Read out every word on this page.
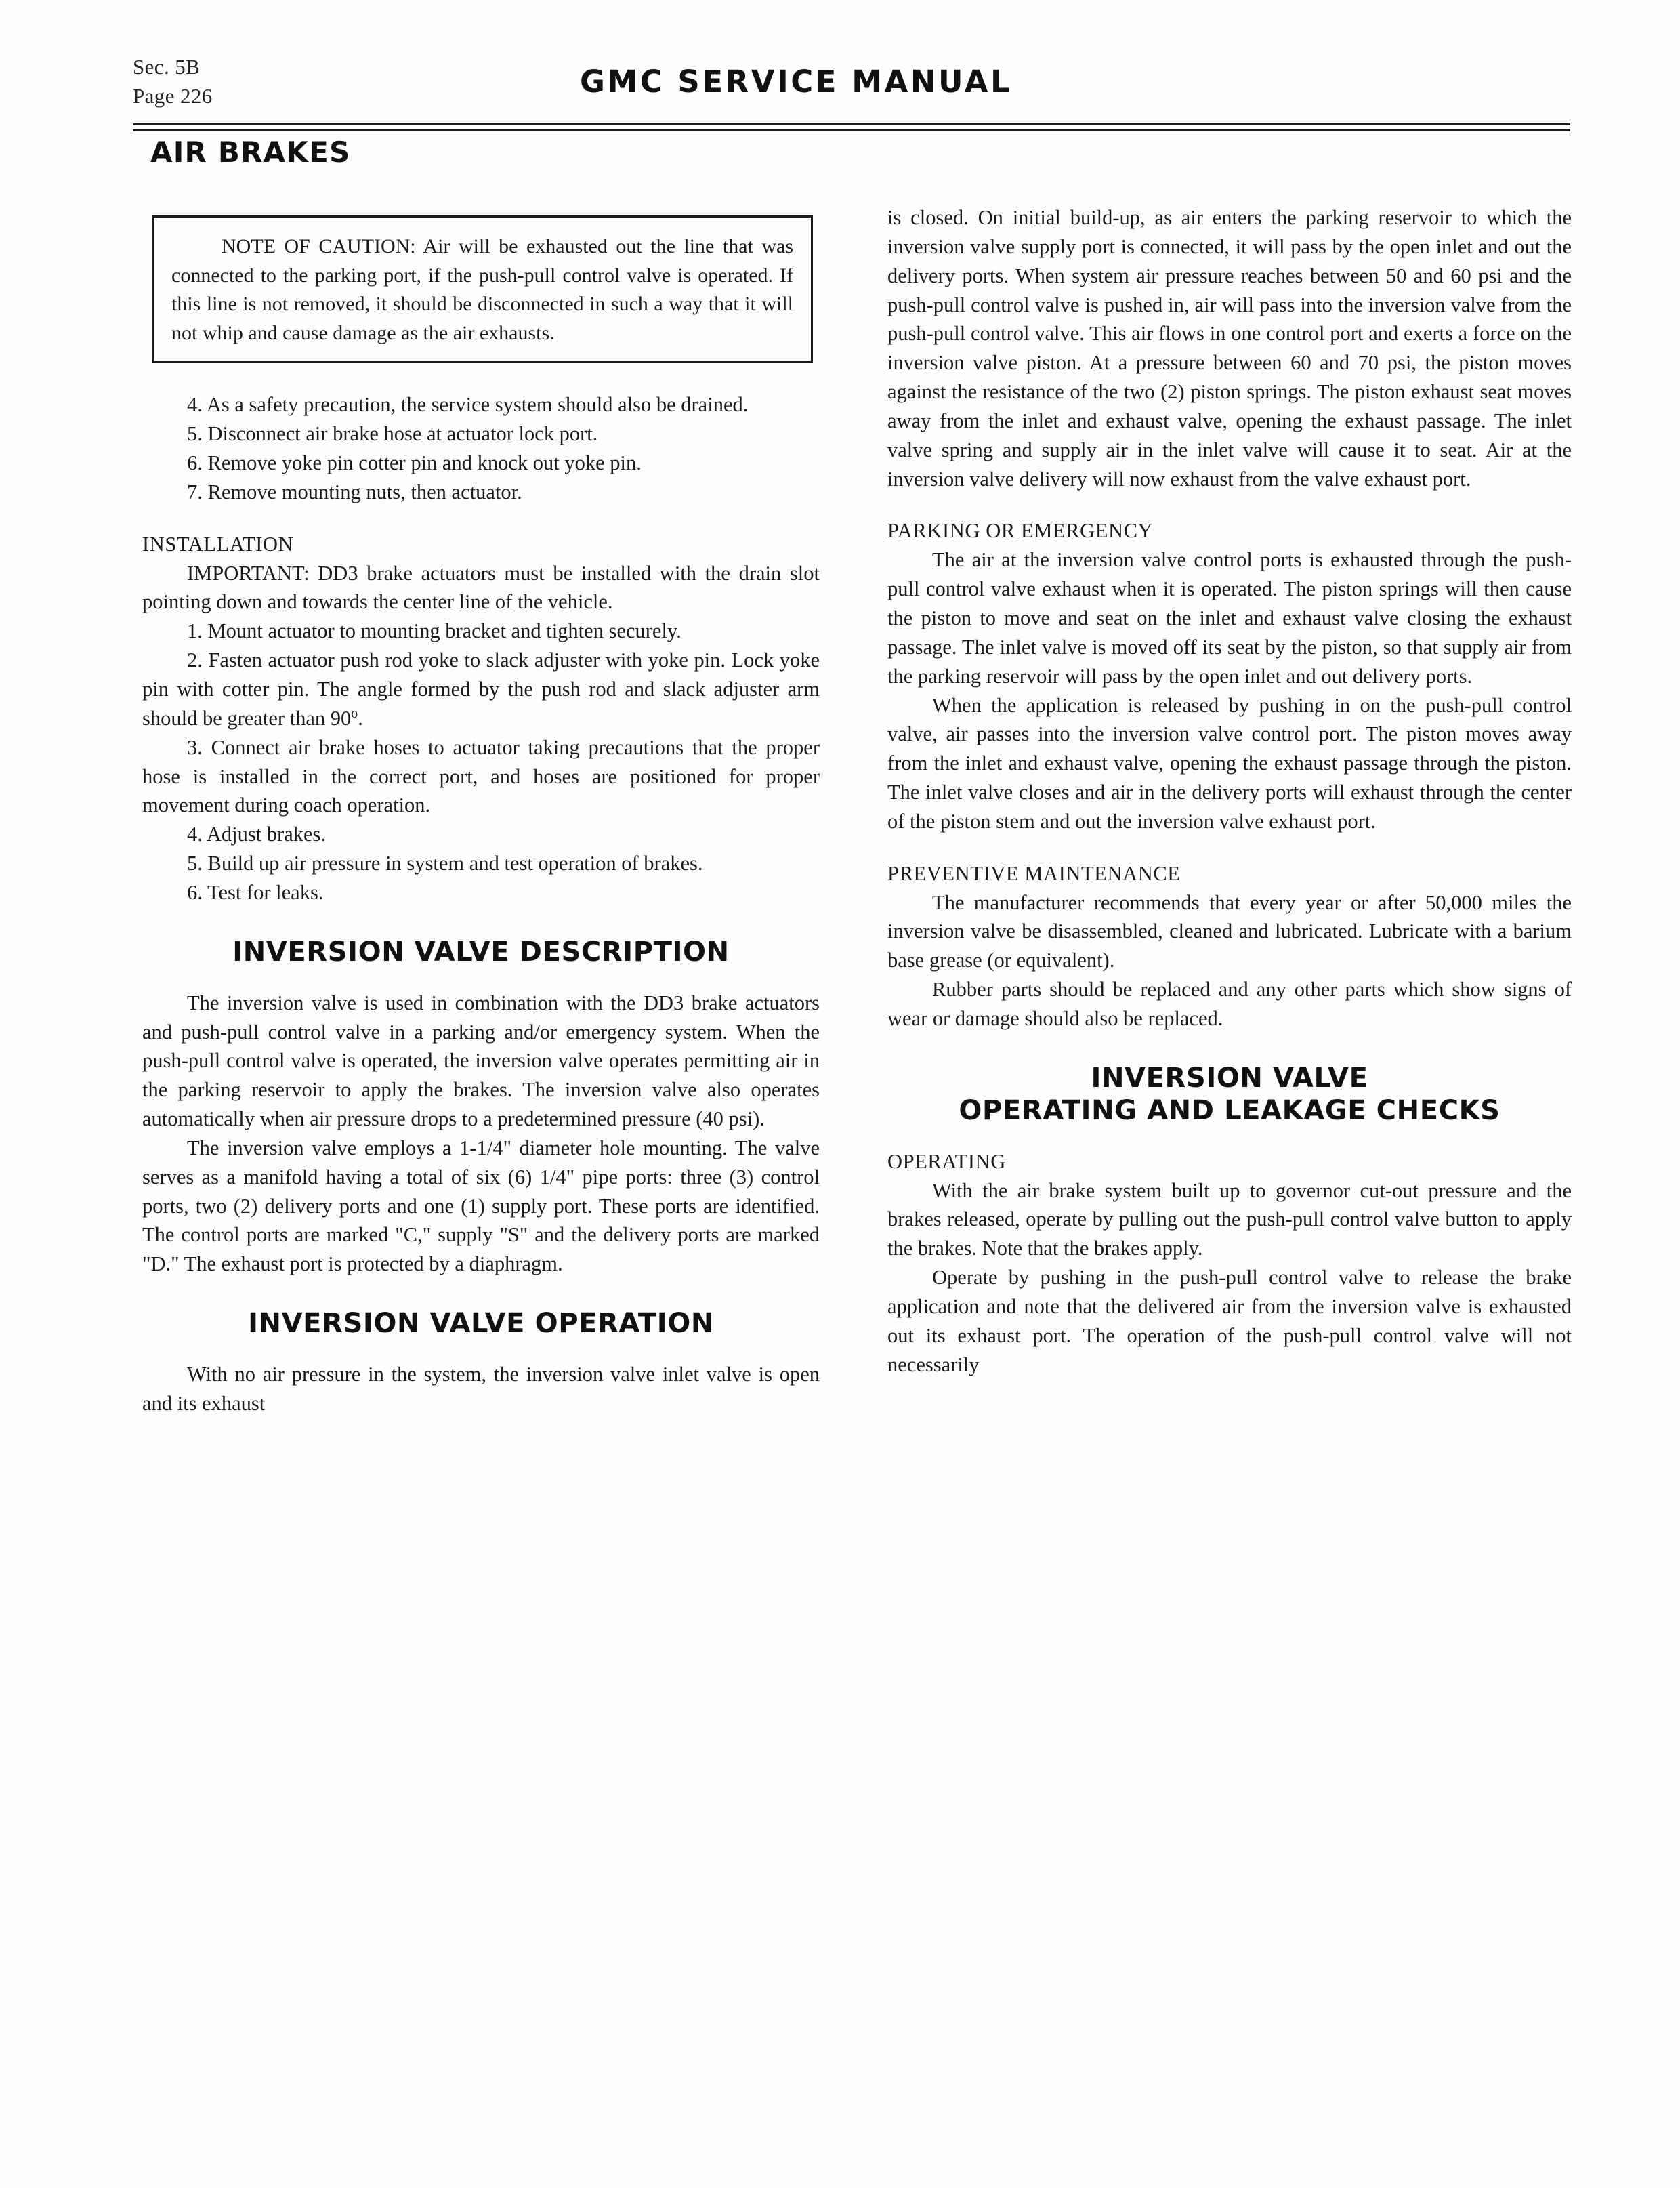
Sec. 5B
Page 226	GMC SERVICE MANUAL
AIR BRAKES

NOTE OF CAUTION: Air will be exhausted out the line that was connected to the parking port, if the push-pull control valve is operated. If this line is not removed, it should be disconnected in such a way that it will not whip and cause damage as the air exhausts.

4. As a safety precaution, the service system should also be drained.

5. Disconnect air brake hose at actuator lock port.

6. Remove yoke pin cotter pin and knock out yoke pin.

7. Remove mounting nuts, then actuator.

INSTALLATION

IMPORTANT: DD3 brake actuators must be installed with the drain slot pointing down and towards the center line of the vehicle.

1. Mount actuator to mounting bracket and tighten securely.

2. Fasten actuator push rod yoke to slack adjuster with yoke pin. Lock yoke pin with cotter pin. The angle formed by the push rod and slack adjuster arm should be greater than 90$^o$.

3. Connect air brake hoses to actuator taking precautions that the proper hose is installed in the correct port, and hoses are positioned for proper movement during coach operation.

4. Adjust brakes.

5. Build up air pressure in system and test operation of brakes.

6. Test for leaks.

INVERSION VALVE DESCRIPTION

The inversion valve is used in combination with the DD3 brake actuators and push-pull control valve in a parking and/or emergency system. When the push-pull control valve is operated, the inversion valve operates permitting air in the parking reservoir to apply the brakes. The inversion valve also operates automatically when air pressure drops to a predetermined pressure (40 psi).

The inversion valve employs a 1-1/4" diameter hole mounting. The valve serves as a manifold having a total of six (6) 1/4" pipe ports: three (3) control ports, two (2) delivery ports and one (1) supply port. These ports are identified. The control ports are marked "C," supply "S" and the delivery ports are marked "D." The exhaust port is protected by a diaphragm.

INVERSION VALVE OPERATION

With no air pressure in the system, the inversion valve inlet valve is open and its exhaust

is closed. On initial build-up, as air enters the parking reservoir to which the inversion valve supply port is connected, it will pass by the open inlet and out the delivery ports. When system air pressure reaches between 50 and 60 psi and the push-pull control valve is pushed in, air will pass into the inversion valve from the push-pull control valve. This air flows in one control port and exerts a force on the inversion valve piston. At a pressure between 60 and 70 psi, the piston moves against the resistance of the two (2) piston springs. The piston exhaust seat moves away from the inlet and exhaust valve, opening the exhaust passage. The inlet valve spring and supply air in the inlet valve will cause it to seat. Air at the inversion valve delivery will now exhaust from the valve exhaust port.

PARKING OR EMERGENCY

The air at the inversion valve control ports is exhausted through the push-pull control valve exhaust when it is operated. The piston springs will then cause the piston to move and seat on the inlet and exhaust valve closing the exhaust passage. The inlet valve is moved off its seat by the piston, so that supply air from the parking reservoir will pass by the open inlet and out delivery ports.

When the application is released by pushing in on the push-pull control valve, air passes into the inversion valve control port. The piston moves away from the inlet and exhaust valve, opening the exhaust passage through the piston. The inlet valve closes and air in the delivery ports will exhaust through the center of the piston stem and out the inversion valve exhaust port.

PREVENTIVE MAINTENANCE

The manufacturer recommends that every year or after 50,000 miles the inversion valve be disassembled, cleaned and lubricated. Lubricate with a barium base grease (or equivalent).

Rubber parts should be replaced and any other parts which show signs of wear or damage should also be replaced.

INVERSION VALVE
OPERATING AND LEAKAGE CHECKS

OPERATING

With the air brake system built up to governor cut-out pressure and the brakes released, operate by pulling out the push-pull control valve button to apply the brakes. Note that the brakes apply.

Operate by pushing in the push-pull control valve to release the brake application and note that the delivered air from the inversion valve is exhausted out its exhaust port. The operation of the push-pull control valve will not necessarily
